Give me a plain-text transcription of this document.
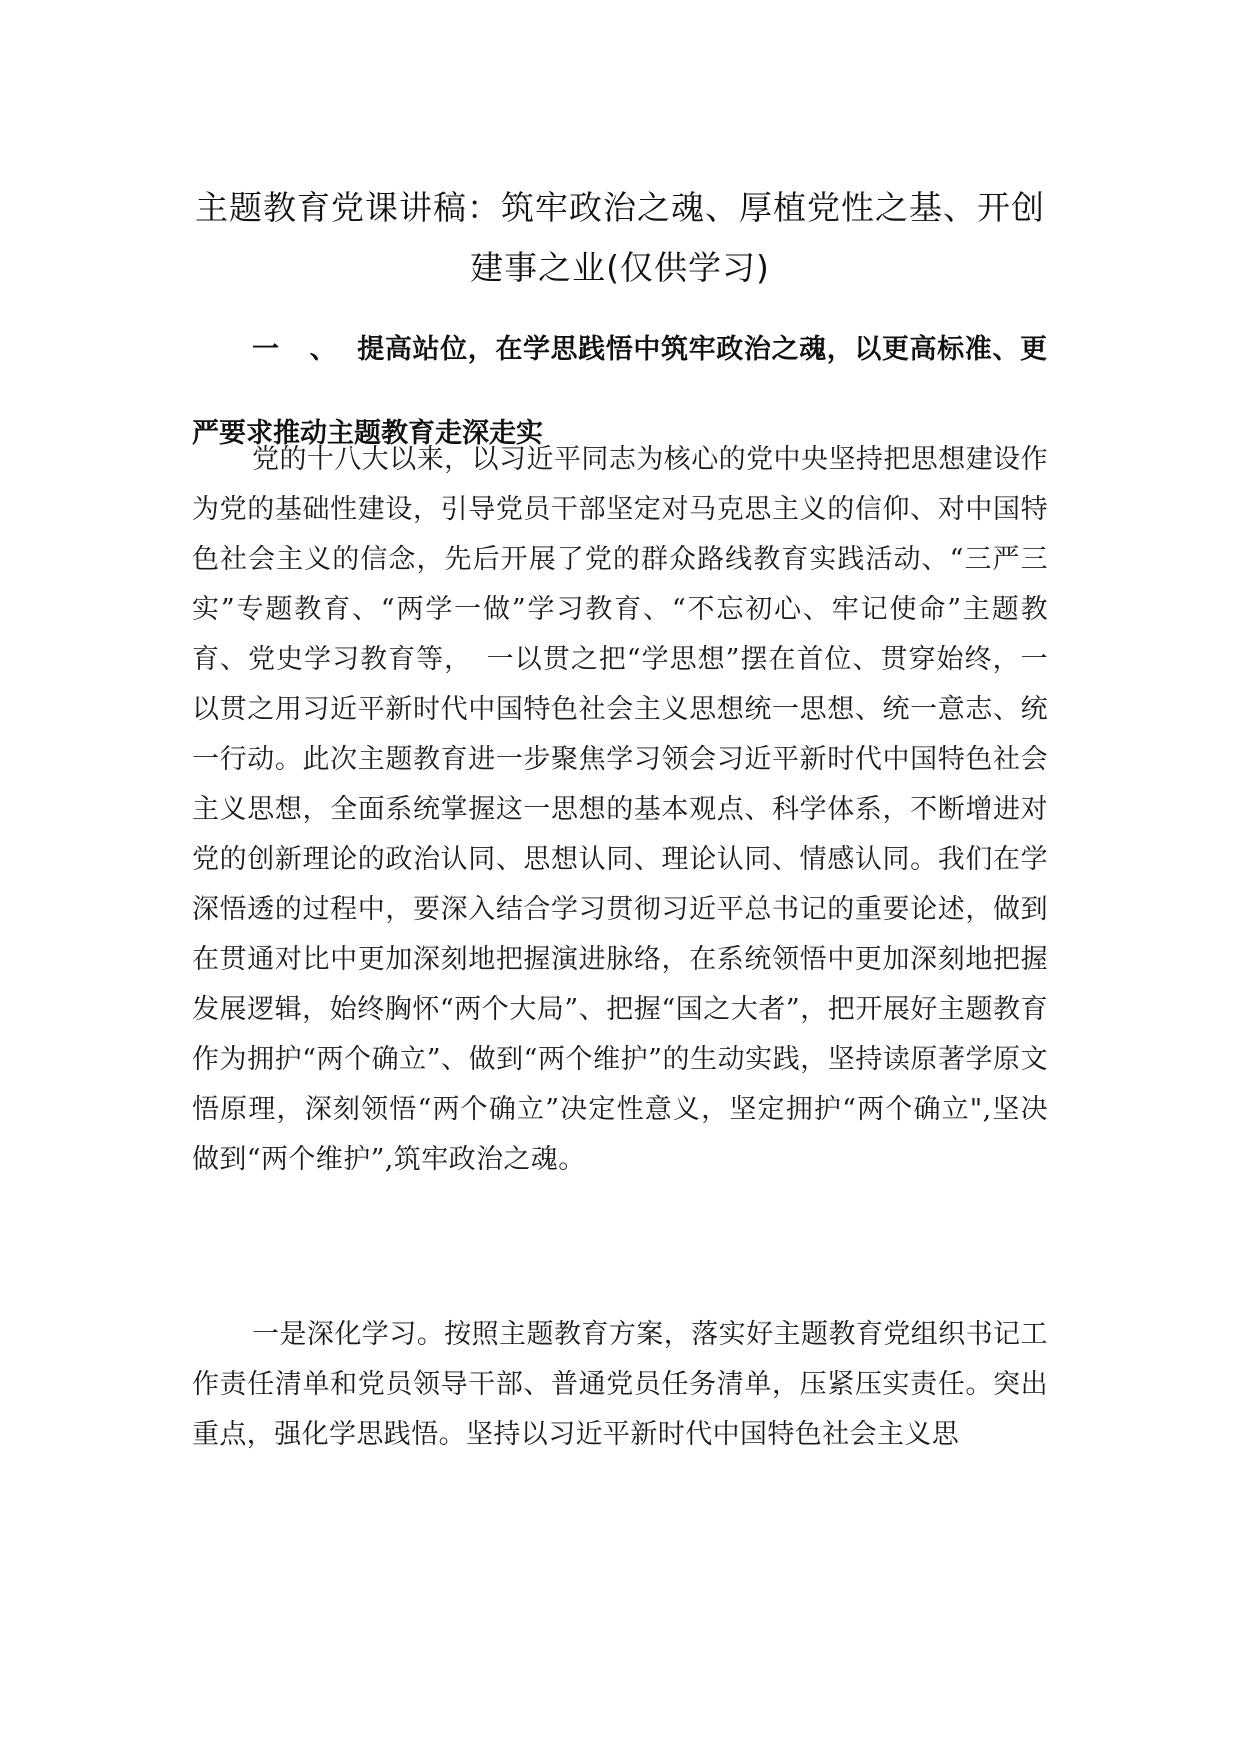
主题教育党课讲稿：筑牢政治之魂、厚植党性之基、开创建事之业(仅供学习)
一 、 提高站位，在学思践悟中筑牢政治之魂，以更高标准、更严要求推动主题教育走深走实

党的十八大以来，以习近平同志为核心的党中央坚持把思想建设作为党的基础性建设，引导党员干部坚定对马克思主义的信仰、对中国特色社会主义的信念，先后开展了党的群众路线教育实践活动、“三严三实”专题教育、“两学一做”学习教育、“不忘初心、牢记使命”主题教育、党史学习教育等，　一以贯之把“学思想”摆在首位、贯穿始终，一以贯之用习近平新时代中国特色社会主义思想统一思想、统一意志、统一行动。此次主题教育进一步聚焦学习领会习近平新时代中国特色社会主义思想，全面系统掌握这一思想的基本观点、科学体系，不断增进对党的创新理论的政治认同、思想认同、理论认同、情感认同。我们在学深悟透的过程中，要深入结合学习贯彻习近平总书记的重要论述，做到在贯通对比中更加深刻地把握演进脉络，在系统领悟中更加深刻地把握发展逻辑，始终胸怀“两个大局”、把握“国之大者”，把开展好主题教育作为拥护“两个确立”、做到“两个维护”的生动实践，坚持读原著学原文悟原理，深刻领悟“两个确立”决定性意义，坚定拥护“两个确立",坚决做到“两个维护”,筑牢政治之魂。

一是深化学习。按照主题教育方案，落实好主题教育党组织书记工作责任清单和党员领导干部、普通党员任务清单，压紧压实责任。突出重点，强化学思践悟。坚持以习近平新时代中国特色社会主义思
